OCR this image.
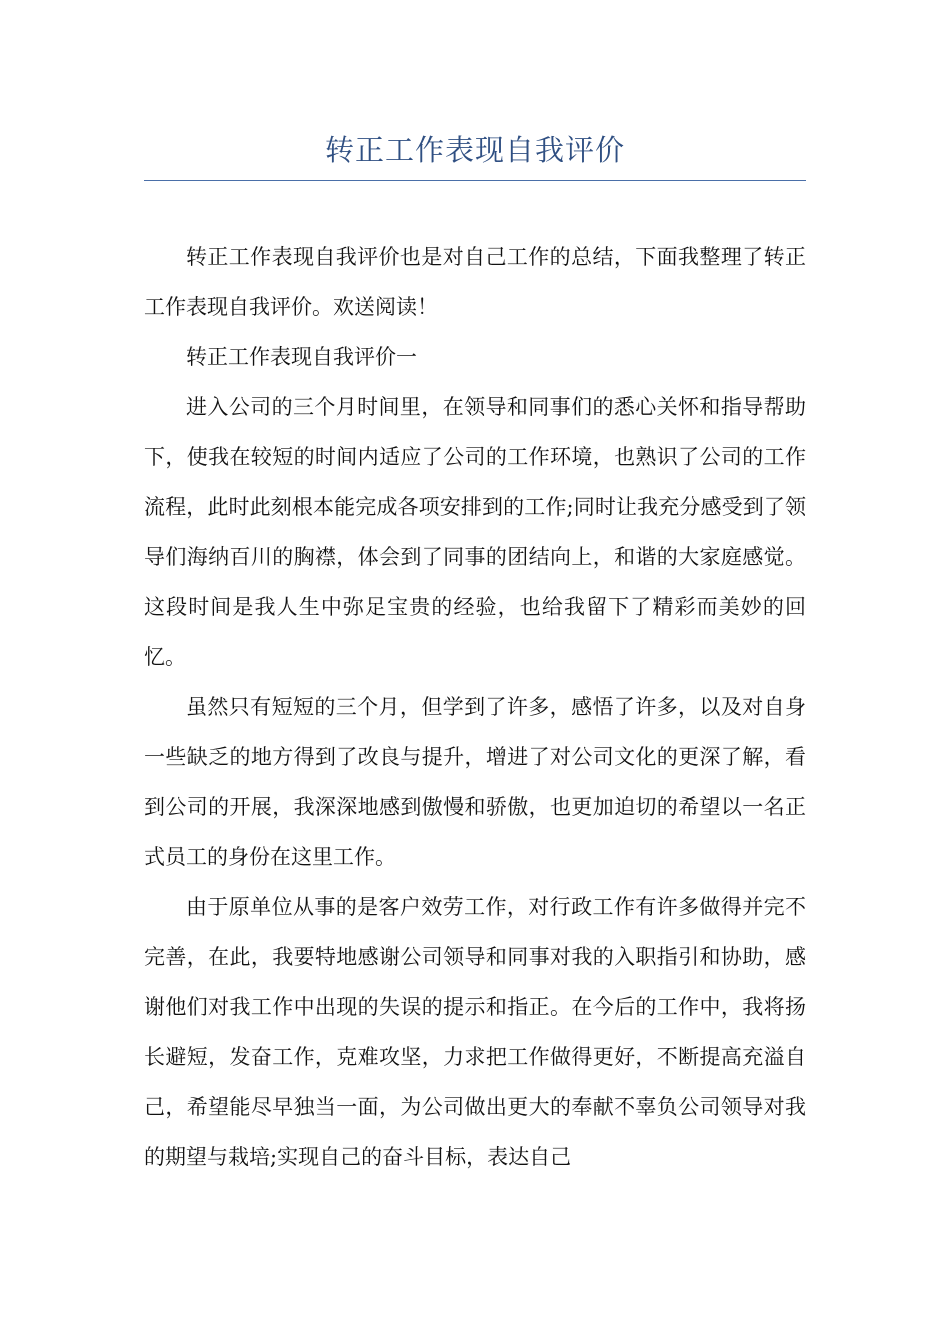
转正工作表现自我评价

转正工作表现自我评价也是对自己工作的总结，下面我整理了转正工作表现自我评价。欢送阅读！

转正工作表现自我评价一

进入公司的三个月时间里，在领导和同事们的悉心关怀和指导帮助下，使我在较短的时间内适应了公司的工作环境，也熟识了公司的工作流程，此时此刻根本能完成各项安排到的工作;同时让我充分感受到了领导们海纳百川的胸襟，体会到了同事的团结向上，和谐的大家庭感觉。这段时间是我人生中弥足宝贵的经验，也给我留下了精彩而美妙的回忆。

虽然只有短短的三个月，但学到了许多，感悟了许多，以及对自身一些缺乏的地方得到了改良与提升，增进了对公司文化的更深了解，看到公司的开展，我深深地感到傲慢和骄傲，也更加迫切的希望以一名正式员工的身份在这里工作。

由于原单位从事的是客户效劳工作，对行政工作有许多做得并完不完善，在此，我要特地感谢公司领导和同事对我的入职指引和协助，感谢他们对我工作中出现的失误的提示和指正。在今后的工作中，我将扬长避短，发奋工作，克难攻坚，力求把工作做得更好，不断提高充溢自己，希望能尽早独当一面，为公司做出更大的奉献不辜负公司领导对我的期望与栽培;实现自己的奋斗目标，表达自己
